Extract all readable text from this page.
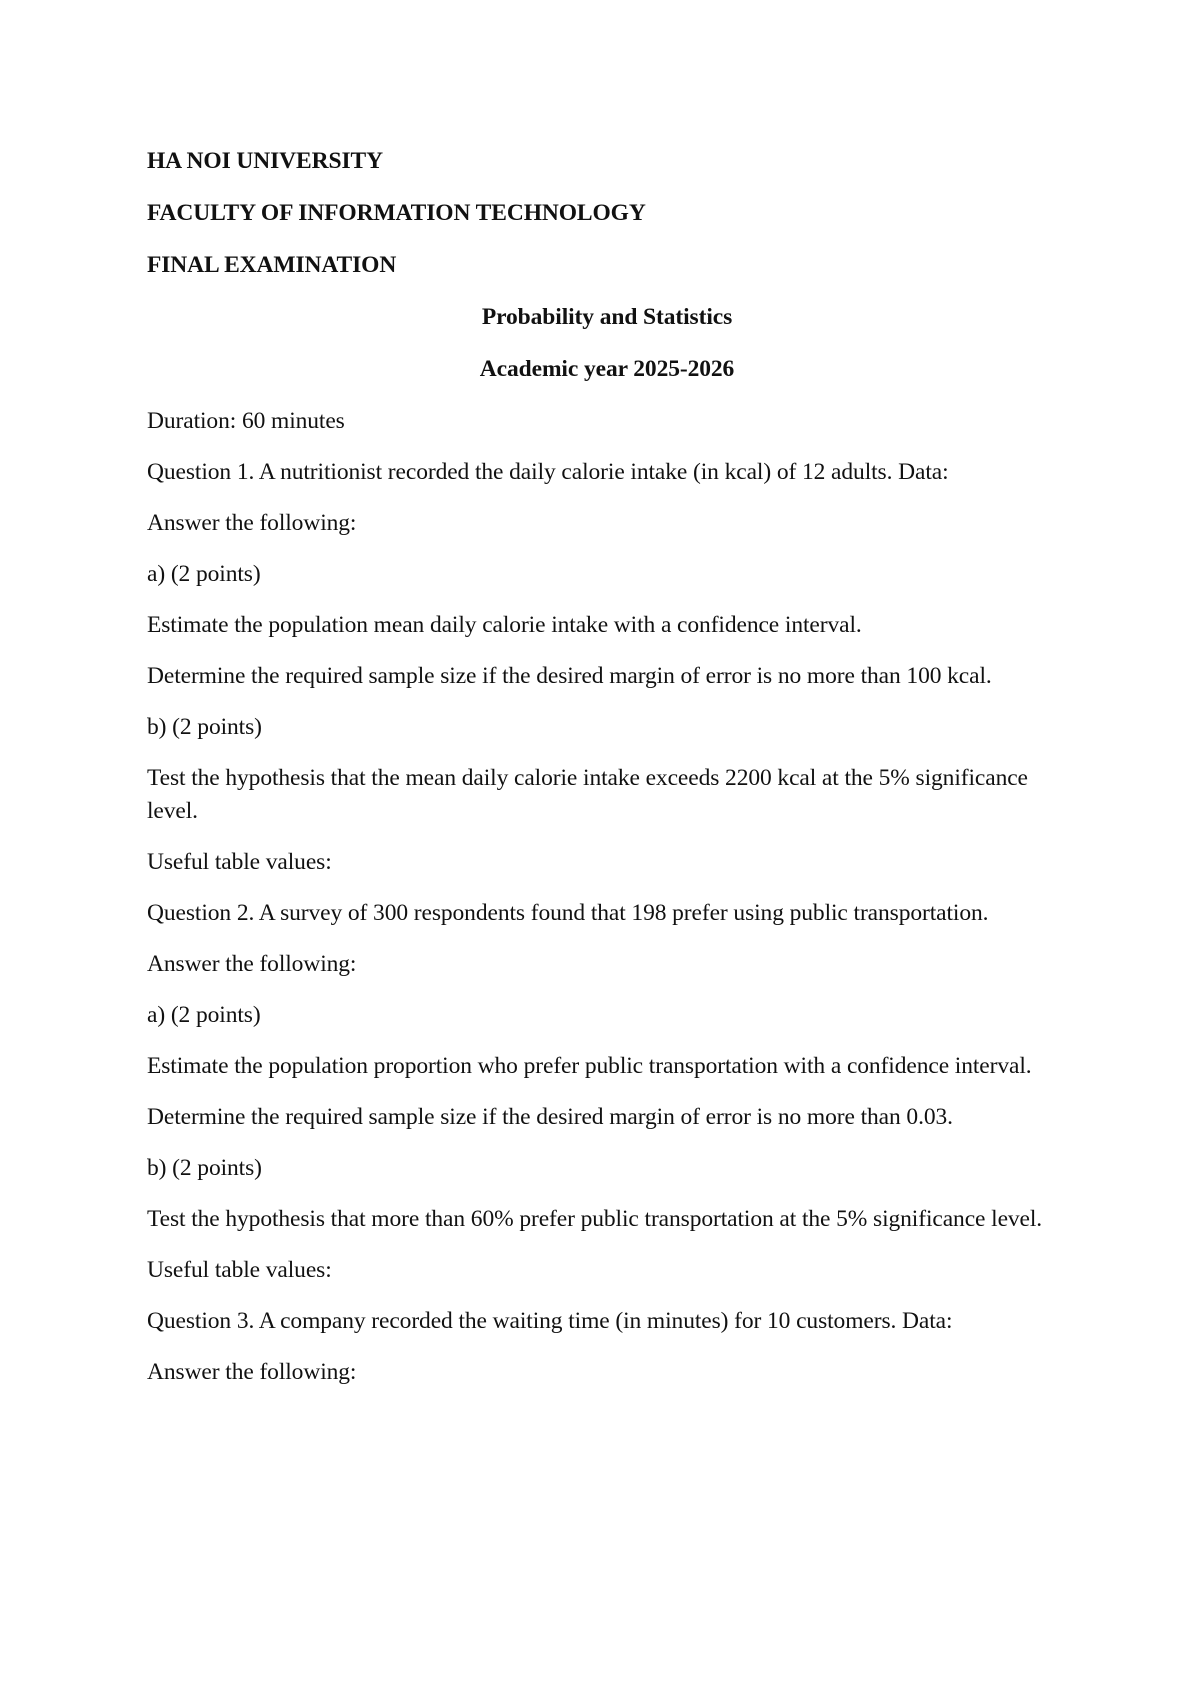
HA NOI UNIVERSITY

FACULTY OF INFORMATION TECHNOLOGY

FINAL EXAMINATION

Probability and Statistics

Academic year 2025-2026

Duration: 60 minutes

Question 1. A nutritionist recorded the daily calorie intake (in kcal) of 12 adults. Data:

Answer the following:

a) (2 points)

Estimate the population mean daily calorie intake with a confidence interval.

Determine the required sample size if the desired margin of error is no more than 100 kcal.

b) (2 points)

Test the hypothesis that the mean daily calorie intake exceeds 2200 kcal at the 5% significance level.

Useful table values:

Question 2. A survey of 300 respondents found that 198 prefer using public transportation.

Answer the following:

a) (2 points)

Estimate the population proportion who prefer public transportation with a confidence interval.

Determine the required sample size if the desired margin of error is no more than 0.03.

b) (2 points)

Test the hypothesis that more than 60% prefer public transportation at the 5% significance level.

Useful table values:

Question 3. A company recorded the waiting time (in minutes) for 10 customers. Data:

Answer the following:
